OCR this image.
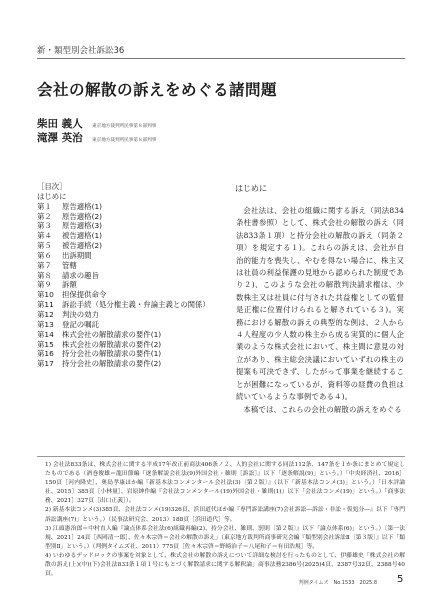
新・類型別会社訴訟36
会社の解散の訴えをめぐる諸問題
柴田 義人	東京地方裁判所民事第８部判事
滝澤 英治	東京地方裁判所民事第８部判事
［目次］
はじめに
第１	原告適格(1)
第２	原告適格(2)
第３	原告適格(3)
第４	被告適格(1)
第５	被告適格(2)
第６	出訴期間
第７	管轄
第８	請求の趣旨
第９	訴額
第10	担保提供命令
第11	訴訟手続（処分権主義・弁論主義との関係）
第12	判決の効力
第13	登記の嘱託
第14	株式会社の解散請求の要件(1)
第15	株式会社の解散請求の要件(2)
第16	持分会社の解散請求の要件(1)
第17	持分会社の解散請求の要件(2)
はじめに

会社法は、会社の組織に関する訴え（同法834条柱書参照）として、株式会社の解散の訴え（同法833条１項）と持分会社の解散の訴え（同条２項）を規定する１)。これらの訴えは、会社が自治的能力を喪失し、やむを得ない場合に、株主又は社員の利益保護の見地から認められた制度であり２)、このような会社の解散判決請求権は、少数株主又は社員に付与された共益権としての監督是正権に位置付けられると解されている３)。実務における解散の訴えの典型的な例は、２人から４人程度の少人数の株主から成る実質的に個人企業のような株式会社において、株主間に意見の対立があり、株主総会決議においていずれの株主の提案も可決できず、したがって事業を継続することが困難になっているが、資料等の経費の負担は続いているような事例である４)。

本稿では、これらの会社の解散の訴えをめぐる

1) 会社法833条は、株式会社に関する平成17年改正前商法406条ノ２、人的会社に関する同法112条、147条を１か条にまとめて規定したものである（酒巻俊雄＝龍田節編『逐条解説会社法(9)外国会社・雑則［訴訟］』以下「逐条解説(9)」という。）「中央経済社、2016］150頁［河内隆史］、奥島孝康ほか編『新基本法コンメンタール会社法(3)〔第２版〕』（以下「新基本法コンメ(3)」という。）「日本評論社、2015］385頁［小林量］、岩原紳作編『会社法コンメンタール(19)外国会社・雑則(1)』以下「会社法コンメ(19)」という。）「商事法務、2021］327頁［出口正義］）。

2) 新基本法コンメ(3)385頁、会社法コンメ(19)326頁、浜田道代ほか編『専門訴訟講座(7)会社訴訟―訴訟・非訟・仮処分―』以下「専門訴訟講座(7)」という。）（民事法研究会、2013）188頁［浜田道代］等。

3) 江頭憲治郎＝中村直人編『論点体系会社法(6)組織再編(2)、持分会社、雑則、罰則〔第２版〕』以下「論点体系(6)」という。）〔第一法規、2021］24頁［西岡清一郎］、佐々木宗啓＝会社の解散の訴え」（東京地方裁判所商事研究会編『類型別会社訴訟Ⅱ〔第３版〕』以下「類型別Ⅱ」という。）（判例タイムズ社、2011）775頁［佐々木宗啓＝野崎治子＝八尾和子＝有田浩規］等。

4) いわゆるデッドロックの事案を対象として、株式会社の解散の訴えについて詳細な検討を行ったものとして、伊藤雄史「株式会社の解散の訴え(上)(中)(下)会社法833条１項１号にもとづく解散請求に関する解釈論」商事法務2386号(2025)4頁、2387号32頁、2388号40頁。

判例タイムズ　No.1533　2025.8 5
